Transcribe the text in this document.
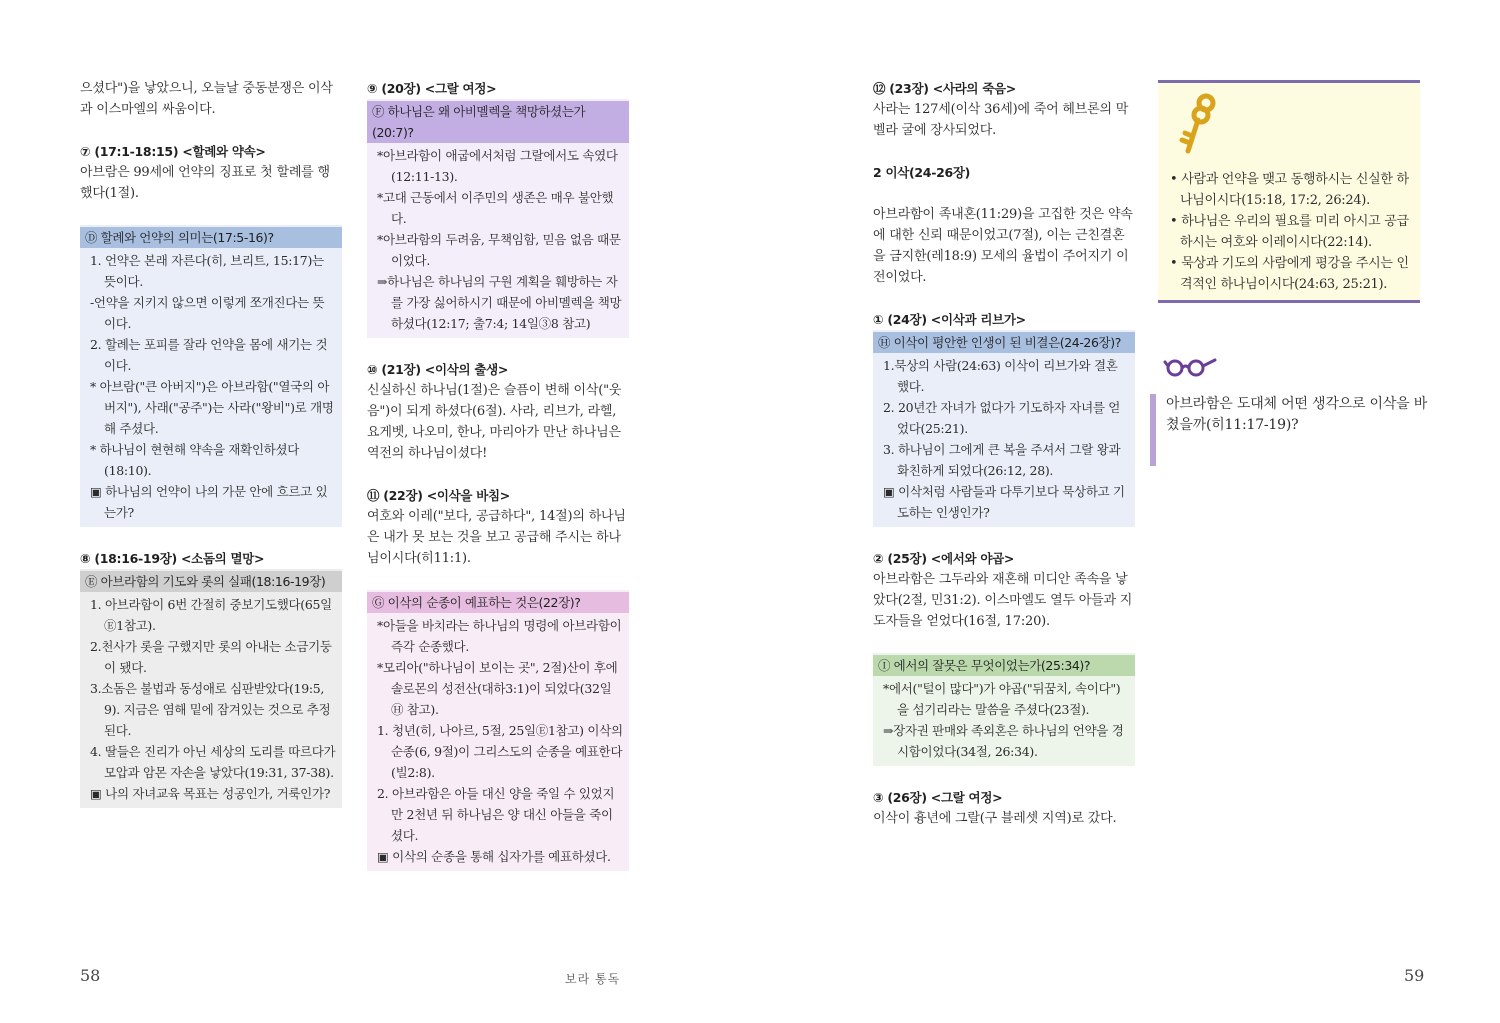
으셨다")을 낳았으니, 오늘날 중동분쟁은 이삭과 이스마엘의 싸움이다.
⑦ (17:1-18:15) <할례와 약속>
아브람은 99세에 언약의 징표로 첫 할례를 행했다(1절).
Ⓓ 할례와 언약의 의미는(17:5-16)?
1. 언약은 본래 자른다(히, 브리트, 15:17)는 뜻이다.
-언약을 지키지 않으면 이렇게 쪼개진다는 뜻이다.
2. 할례는 포피를 잘라 언약을 몸에 새기는 것이다.
* 아브람("큰 아버지")은 아브라함("열국의 아버지"), 사래("공주")는 사라("왕비")로 개명해 주셨다.
* 하나님이 현현해 약속을 재확인하셨다(18:10).
▣ 하나님의 언약이 나의 가문 안에 흐르고 있는가?
⑧ (18:16-19장) <소돔의 멸망>
Ⓔ 아브라함의 기도와 롯의 실패(18:16-19장)
1. 아브라함이 6번 간절히 중보기도했다(65일 Ⓔ1참고).
2.천사가 롯을 구했지만 롯의 아내는 소금기둥이 됐다.
3.소돔은 불법과 동성애로 심판받았다(19:5, 9). 지금은 염해 밑에 잠겨있는 것으로 추정된다.
4. 딸들은 진리가 아닌 세상의 도리를 따르다가 모압과 암몬 자손을 낳았다(19:31, 37-38).
▣ 나의 자녀교육 목표는 성공인가, 거룩인가?
⑨ (20장) <그랄 여정>
Ⓕ 하나님은 왜 아비멜렉을 책망하셨는가(20:7)?
*아브라함이 애굽에서처럼 그랄에서도 속였다(12:11-13).
*고대 근동에서 이주민의 생존은 매우 불안했다.
*아브라함의 두려움, 무책임함, 믿음 없음 때문이었다.
⇒하나님은 하나님의 구원 계획을 훼방하는 자를 가장 싫어하시기 때문에 아비멜렉을 책망하셨다(12:17; 출7:4; 14일③8 참고)
⑩ (21장) <이삭의 출생>
신실하신 하나님(1절)은 슬픔이 변해 이삭("웃음")이 되게 하셨다(6절). 사라, 리브가, 라헬, 요게벳, 나오미, 한나, 마리아가 만난 하나님은 역전의 하나님이셨다!
⑪ (22장) <이삭을 바침>
여호와 이레("보다, 공급하다", 14절)의 하나님은 내가 못 보는 것을 보고 공급해 주시는 하나님이시다(히11:1).
Ⓖ 이삭의 순종이 예표하는 것은(22장)?
*아들을 바치라는 하나님의 명령에 아브라함이 즉각 순종했다.
*모리아("하나님이 보이는 곳", 2절)산이 후에 솔로몬의 성전산(대하3:1)이 되었다(32일 Ⓗ 참고).
1. 청년(히, 나아르, 5절, 25일Ⓔ1참고) 이삭의 순종(6, 9절)이 그리스도의 순종을 예표한다(빌2:8).
2. 아브라함은 아들 대신 양을 죽일 수 있었지만 2천년 뒤 하나님은 양 대신 아들을 죽이셨다.
▣ 이삭의 순종을 통해 십자가를 예표하셨다.
58	보라 통독
⑫ (23장) <사라의 죽음>
사라는 127세(이삭 36세)에 죽어 헤브론의 막벨라 굴에 장사되었다.
2 이삭(24-26장)
아브라함이 족내혼(11:29)을 고집한 것은 약속에 대한 신뢰 때문이었고(7절), 이는 근친결혼을 금지한(레18:9) 모세의 율법이 주어지기 이전이었다.
① (24장) <이삭과 리브가>
Ⓗ 이삭이 평안한 인생이 된 비결은(24-26장)?
1.묵상의 사람(24:63) 이삭이 리브가와 결혼했다.
2. 20년간 자녀가 없다가 기도하자 자녀를 얻었다(25:21).
3. 하나님이 그에게 큰 복을 주셔서 그랄 왕과 화친하게 되었다(26:12, 28).
▣ 이삭처럼 사람들과 다투기보다 묵상하고 기도하는 인생인가?
② (25장) <에서와 야곱>
아브라함은 그두라와 재혼해 미디안 족속을 낳았다(2절, 민31:2). 이스마엘도 열두 아들과 지도자들을 얻었다(16절, 17:20).
Ⓘ 에서의 잘못은 무엇이었는가(25:34)?
*에서("털이 많다")가 야곱("뒤꿈치, 속이다")을 섬기리라는 말씀을 주셨다(23절).
⇒장자권 판매와 족외혼은 하나님의 언약을 경시함이었다(34절, 26:34).
③ (26장) <그랄 여정>
이삭이 흉년에 그랄(구 블레셋 지역)로 갔다.
• 사람과 언약을 맺고 동행하시는 신실한 하나님이시다(15:18, 17:2, 26:24).
• 하나님은 우리의 필요를 미리 아시고 공급하시는 여호와 이레이시다(22:14).
• 묵상과 기도의 사람에게 평강을 주시는 인격적인 하나님이시다(24:63, 25:21).
아브라함은 도대체 어떤 생각으로 이삭을 바쳤을까(히11:17-19)?
59
